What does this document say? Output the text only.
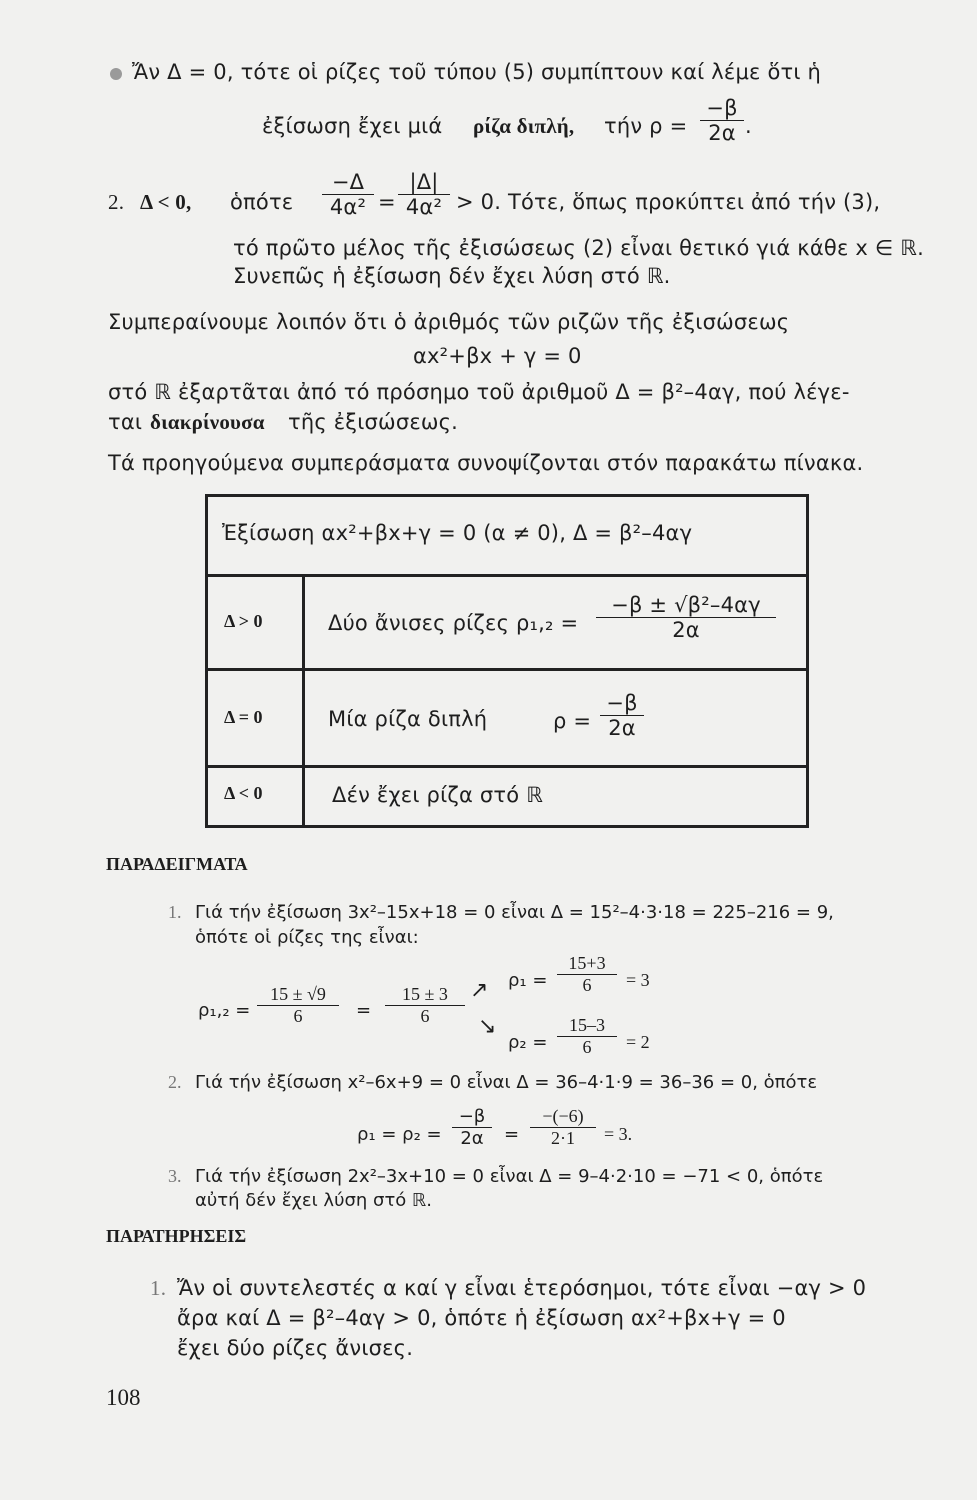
Ἄν Δ = 0, τότε οἱ ρίζες τοῦ τύπου (5) συμπίπτουν καί λέμε ὅτι ἡ
ἐξίσωση ἔχει μιά ρίζα διπλή, τήν $\rho = \frac{-\beta}{2\alpha}$ .
2. Δ < 0, ὁπότε $\frac{-\Delta}{\text{4α²}} = \frac{|\Delta|}{\text{4α²}} > 0$. Τότε, ὅπως προκύπτει ἀπό τήν (3),
τό πρῶτο μέλος τῆς ἐξισώσεως (2) εἶναι θετικό γιά κάθε x ∈ ℝ.
Συνεπῶς ἡ ἐξίσωση δέν ἔχει λύση στό ℝ.
Συμπεραίνουμε λοιπόν ὅτι ὁ ἀριθμός τῶν ριζῶν τῆς ἐξισώσεως
αx²+βx + γ = 0
στό ℝ ἐξαρτᾶται ἀπό τό πρόσημο τοῦ ἀριθμοῦ Δ = β²–4αγ, πού λέγε-
ται διακρίνουσα τῆς ἐξισώσεως.
Τά προηγούμενα συμπεράσματα συνοψίζονται στόν παρακάτω πίνακα.
Ἐξίσωση αx²+βx+γ = 0 (α ≠ 0), Δ = β²–4αγ
Δ > 0	Δύο ἄνισες ρίζες $\rho_1,_2 = \frac{\text{−β ± √β²–4αγ}}{2\alpha}$
Δ = 0	Μία ρίζα διπλή	$\rho = \frac{-\beta}{2\alpha}$
Δ < 0	Δέν ἔχει ρίζα στό ℝ
ΠΑΡΑΔΕΙΓΜΑΤΑ
1. Γιά τήν ἐξίσωση 3x²–15x+18 = 0 εἶναι Δ = 15²–4·3·18 = 225–216 = 9,
ὁπότε οἱ ρίζες της εἶναι:
$\rho_1,_2 = \frac{15 \pm √9}{6} = \frac{15 \pm 3}{6}$ ↗
↘
$\rho_1 = \frac{15+3}{6} = 3$
$\rho_2 = \frac{15-3}{6} = 2$
2. Γιά τήν ἐξίσωση x²–6x+9 = 0 εἶναι Δ = 36–4·1·9 = 36–36 = 0, ὁπότε
$\rho_1 = \rho_2 = \frac{-\beta}{2\alpha} = \frac{-(-6)}{2\cdot 1} = 3$.
3. Γιά τήν ἐξίσωση 2x²–3x+10 = 0 εἶναι Δ = 9–4·2·10 = −71 < 0, ὁπότε
αὐτή δέν ἔχει λύση στό ℝ.
ΠΑΡΑΤΗΡΗΣΕΙΣ
1. Ἄν οἱ συντελεστές α καί γ εἶναι ἑτερόσημοι, τότε εἶναι −αγ > 0
ἄρα καί Δ = β²–4αγ > 0, ὁπότε ἡ ἐξίσωση αx²+βx+γ = 0
ἔχει δύο ρίζες ἄνισες.
108
